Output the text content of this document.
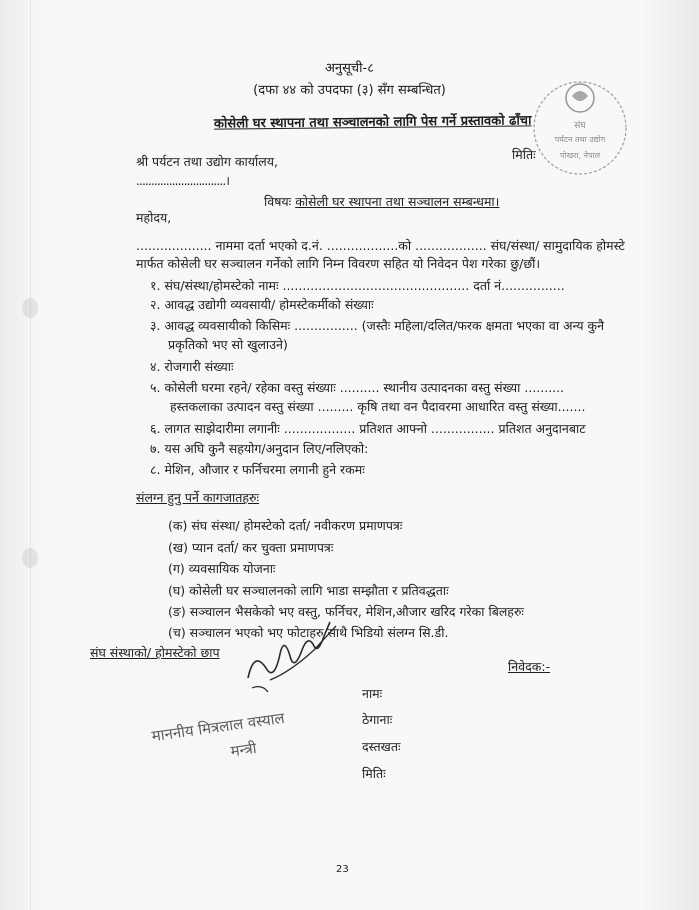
अनुसूची-८
(दफा ४४ को उपदफा (३) सँग सम्बन्धित)
कोसेली घर स्थापना तथा सञ्चालनको लागि पेस गर्ने प्रस्तावको ढाँचा	संघ
पर्यटन तथा उद्योग
पोखरा, नेपाल
श्री पर्यटन तथा उद्योग कार्यालय,
..............................।
मितिः
विषयः कोसेली घर स्थापना तथा सञ्चालन सम्बन्धमा।
महोदय,
................... नाममा दर्ता भएको द.नं. ..................को .................. संघ/संस्था/ सामुदायिक होमस्टे
मार्फत कोसेली घर सञ्चालन गर्नेको लागि निम्न विवरण सहित यो निवेदन पेश गरेका छु/छौं।
१. संघ/संस्था/होमस्टेको नामः ............................................... दर्ता नं................
२. आवद्ध उद्योगी व्यवसायी/ होमस्टेकर्मीको संख्याः
३. आवद्ध व्यवसायीको किसिमः ................ (जस्तैः महिला/दलित/फरक क्षमता भएका वा अन्य कुनै
प्रकृतिको भए सो खुलाउने)
४. रोजगारी संख्याः
५. कोसेली घरमा रहने/ रहेका वस्तु संख्याः .......... स्थानीय उत्पादनका वस्तु संख्या ..........
हस्तकलाका उत्पादन वस्तु संख्या ......... कृषि तथा वन पैदावरमा आधारित वस्तु संख्या.......
६. लागत साझेदारीमा लगानीः .................. प्रतिशत आफ्नो ................ प्रतिशत अनुदानबाट
७. यस अघि कुनै सहयोग/अनुदान लिए/नलिएको:
८. मेशिन, औजार र फर्निचरमा लगानी हुने रकमः
संलग्न हुनु पर्ने कागजातहरुः
(क) संघ संस्था/ होमस्टेको दर्ता/ नवीकरण प्रमाणपत्रः
(ख) प्यान दर्ता/ कर चुक्ता प्रमाणपत्रः
(ग) व्यवसायिक योजनाः
(घ) कोसेली घर सञ्चालनको लागि भाडा सम्झौता र प्रतिवद्धताः
(ङ) सञ्चालन भैसकेको भए वस्तु, फर्निचर, मेशिन,औजार खरिद गरेका बिलहरुः
(च) सञ्चालन भएको भए फोटाहरु साथै भिडियो संलग्न सि.डी.
संघ संस्थाको/ होमस्टेको छाप
निवेदक:-
नामः
ठेगानाः
दस्तखतः
मितिः
माननीय मित्रलाल वस्याल
मन्त्री
23
